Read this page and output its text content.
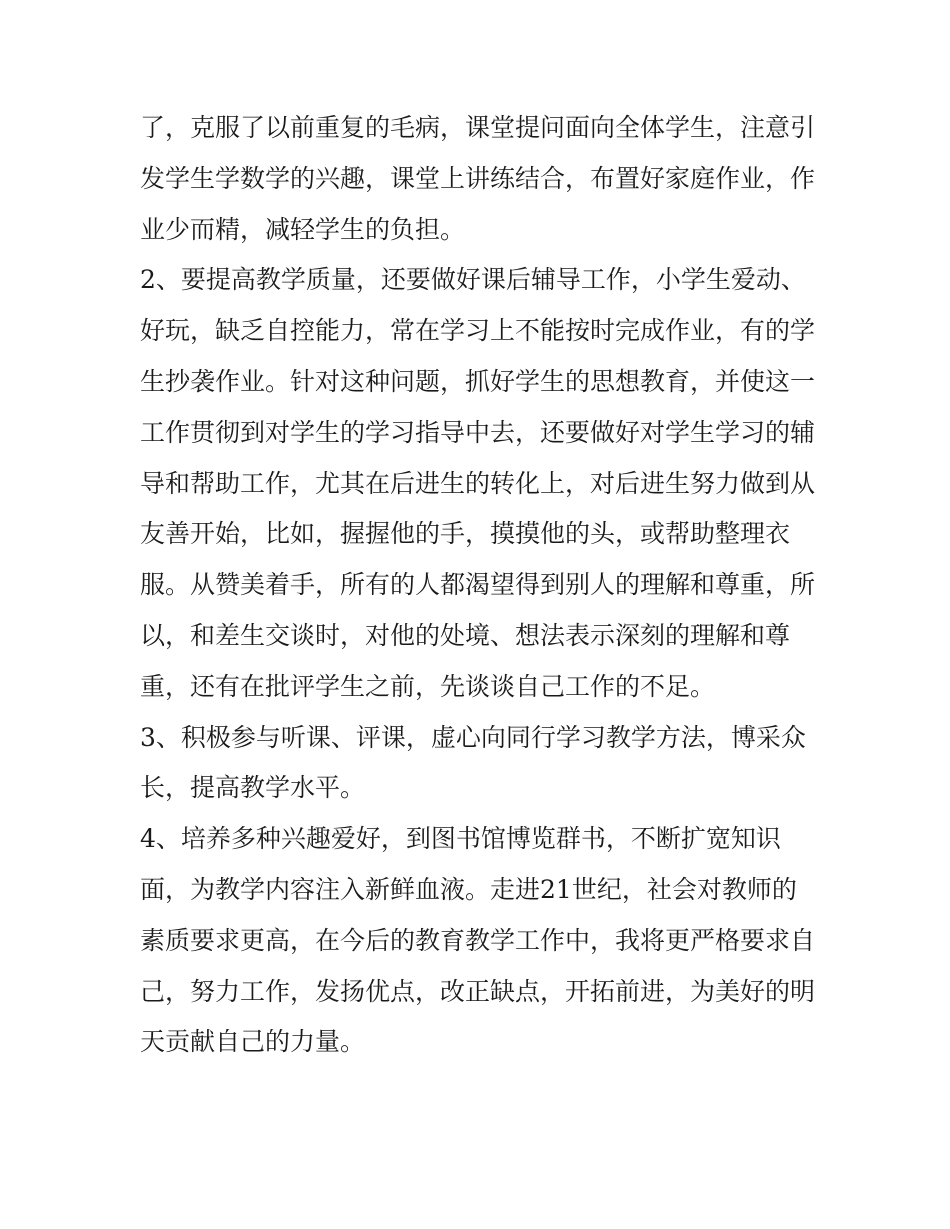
了，克服了以前重复的毛病，课堂提问面向全体学生，注意引
发学生学数学的兴趣，课堂上讲练结合，布置好家庭作业，作
业少而精，减轻学生的负担。
2、要提高教学质量，还要做好课后辅导工作，小学生爱动、
好玩，缺乏自控能力，常在学习上不能按时完成作业，有的学
生抄袭作业。针对这种问题，抓好学生的思想教育，并使这一
工作贯彻到对学生的学习指导中去，还要做好对学生学习的辅
导和帮助工作，尤其在后进生的转化上，对后进生努力做到从
友善开始，比如，握握他的手，摸摸他的头，或帮助整理衣
服。从赞美着手，所有的人都渴望得到别人的理解和尊重，所
以，和差生交谈时，对他的处境、想法表示深刻的理解和尊
重，还有在批评学生之前，先谈谈自己工作的不足。
3、积极参与听课、评课，虚心向同行学习教学方法，博采众
长，提高教学水平。
4、培养多种兴趣爱好，到图书馆博览群书，不断扩宽知识
面，为教学内容注入新鲜血液。走进21世纪，社会对教师的
素质要求更高，在今后的教育教学工作中，我将更严格要求自
己，努力工作，发扬优点，改正缺点，开拓前进，为美好的明
天贡献自己的力量。
